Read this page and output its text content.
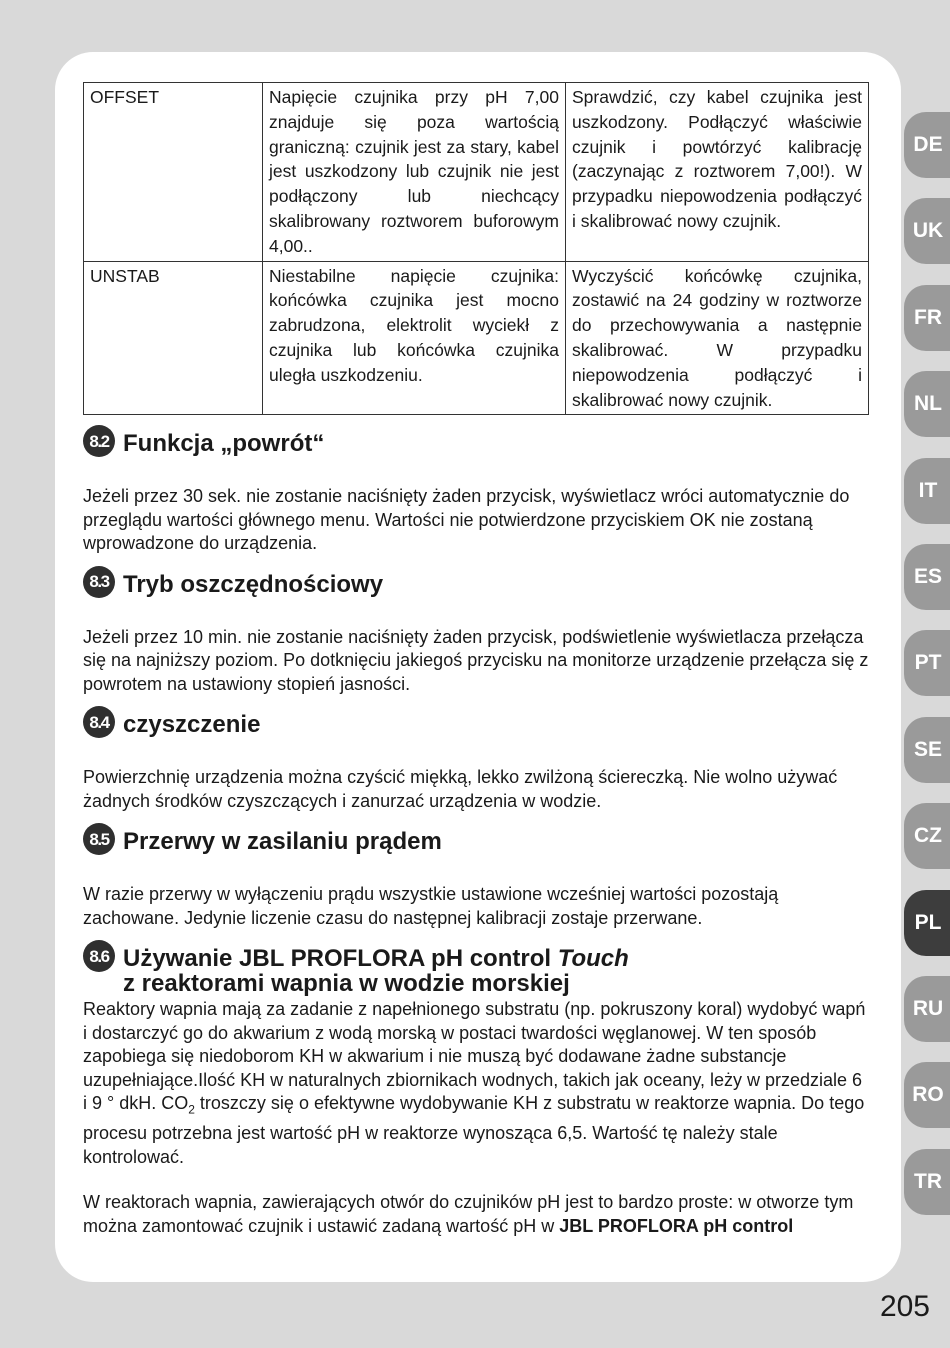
OFFSET	Napięcie czujnika przy pH 7,00 znajduje się poza wartością graniczną: czujnik jest za stary, kabel jest uszkodzony lub czujnik nie jest podłączony lub niechcący skalibrowany roztworem buforowym 4,00..	Sprawdzić, czy kabel czujnika jest uszkodzony. Podłączyć właściwie czujnik i powtórzyć kalibrację (zaczynając z roztworem 7,00!). W przypadku niepowodzenia podłączyć i skalibrować nowy czujnik.
UNSTAB	Niestabilne napięcie czujnika: końcówka czujnika jest mocno zabrudzona, elektrolit wyciekł z czujnika lub końcówka czujnika uległa uszkodzeniu.	Wyczyścić końcówkę czujnika, zostawić na 24 godziny w roztworze do przechowywania a następnie skalibrować. W przypadku niepowodzenia podłączyć i skalibrować nowy czujnik.
8.2 Funkcja „powrót“

Jeżeli przez 30 sek. nie zostanie naciśnięty żaden przycisk, wyświetlacz wróci automatycznie do przeglądu wartości głównego menu. Wartości nie potwierdzone przyciskiem OK nie zostaną wprowadzone do urządzenia.

8.3 Tryb oszczędnościowy

Jeżeli przez 10 min. nie zostanie naciśnięty żaden przycisk, podświetlenie wyświetlacza przełącza się na najniższy poziom. Po dotknięciu jakiegoś przycisku na monitorze urządzenie przełącza się z powrotem na ustawiony stopień jasności.

8.4 czyszczenie

Powierzchnię urządzenia można czyścić miękką, lekko zwilżoną ściereczką. Nie wolno używać żadnych środków czyszczących i zanurzać urządzenia w wodzie.

8.5 Przerwy w zasilaniu prądem

W razie przerwy w wyłączeniu prądu wszystkie ustawione wcześniej wartości pozostają zachowane. Jedynie liczenie czasu do następnej kalibracji zostaje przerwane.

8.6 Używanie JBL PROFLORA pH control Touch
z reaktorami wapnia w wodzie morskiej

Reaktory wapnia mają za zadanie z napełnionego substratu (np. pokruszony koral) wydobyć wapń i dostarczyć go do akwarium z wodą morską w postaci twardości węglanowej. W ten sposób zapobiega się niedoborom KH w akwarium i nie muszą być dodawane żadne substancje uzupełniające.Ilość KH w naturalnych zbiornikach wodnych, takich jak oceany, leży w przedziale 6 i 9 ° dkH. $CO_2$ troszczy się o efektywne wydobywanie KH z substratu w reaktorze wapnia. Do tego procesu potrzebna jest wartość pH w reaktorze wynosząca 6,5. Wartość tę należy stale kontrolować.

W reaktorach wapnia, zawierających otwór do czujników pH jest to bardzo proste: w otworze tym można zamontować czujnik i ustawić zadaną wartość pH w JBL PROFLORA pH control

DE
UK
FR
NL
IT
ES
PT
SE
CZ
PL
RU
RO
TR
205
